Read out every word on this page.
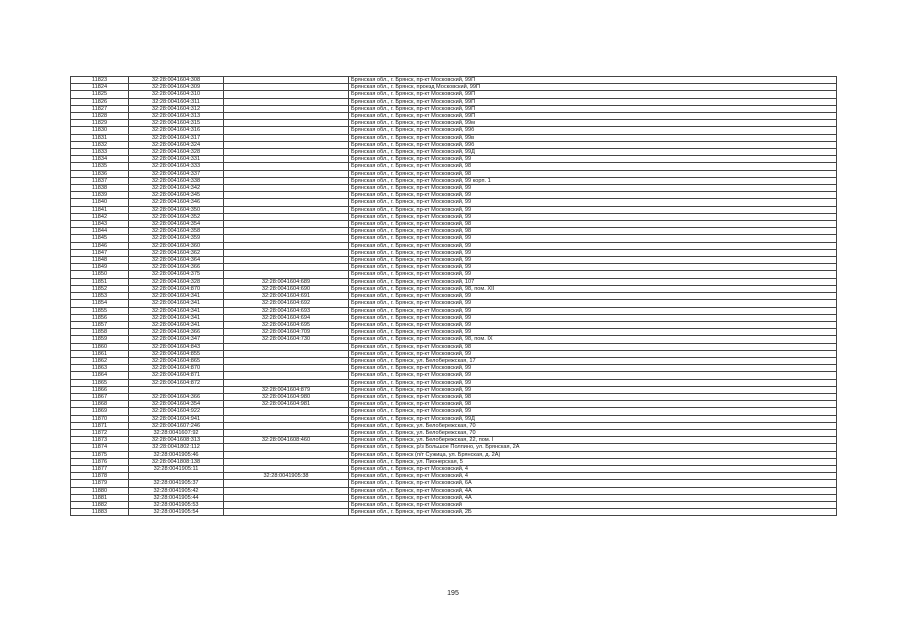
11823	32:28:0041604:308		Брянская обл., г. Брянск, пр-кт Московский, 99П
11824	32:28:0041604:309		Брянская обл., г. Брянск, проезд Московский, 99П
11825	32:28:0041604:310		Брянская обл., г. Брянск, пр-кт Московский, 99П
11826	32:28:0041604:311		Брянская обл., г. Брянск, пр-кт Московский, 99П
11827	32:28:0041604:312		Брянская обл., г. Брянск, пр-кт Московский, 99П
11828	32:28:0041604:313		Брянская обл., г. Брянск, пр-кт Московский, 99П
11829	32:28:0041604:315		Брянская обл., г. Брянск, пр-кт Московский, 99м
11830	32:28:0041604:316		Брянская обл., г. Брянск, пр-кт Московский, 99б
11831	32:28:0041604:317		Брянская обл., г. Брянск, пр-кт Московский, 99в
11832	32:28:0041604:324		Брянская обл., г. Брянск, пр-кт Московский, 99б
11833	32:28:0041604:328		Брянская обл., г. Брянск, пр-кт Московский, 99Д
11834	32:28:0041604:331		Брянская обл., г. Брянск, пр-кт Московский, 99
11835	32:28:0041604:333		Брянская обл., г. Брянск, пр-кт Московский, 98
11836	32:28:0041604:337		Брянская обл., г. Брянск, пр-кт Московский, 98
11837	32:28:0041604:338		Брянская обл., г. Брянск, пр-кт Московский, 99 корп. 1
11838	32:28:0041604:342		Брянская обл., г. Брянск, пр-кт Московский, 99
11839	32:28:0041604:345		Брянская обл., г. Брянск, пр-кт Московский, 99
11840	32:28:0041604:346		Брянская обл., г. Брянск, пр-кт Московский, 99
11841	32:28:0041604:350		Брянская обл., г. Брянск, пр-кт Московский, 99
11842	32:28:0041604:352		Брянская обл., г. Брянск, пр-кт Московский, 99
11843	32:28:0041604:354		Брянская обл., г. Брянск, пр-кт Московский, 98
11844	32:28:0041604:358		Брянская обл., г. Брянск, пр-кт Московский, 98
11845	32:28:0041604:359		Брянская обл., г. Брянск, пр-кт Московский, 99
11846	32:28:0041604:360		Брянская обл., г. Брянск, пр-кт Московский, 99
11847	32:28:0041604:362		Брянская обл., г. Брянск, пр-кт Московский, 99
11848	32:28:0041604:364		Брянская обл., г. Брянск, пр-кт Московский, 99
11849	32:28:0041604:366		Брянская обл., г. Брянск, пр-кт Московский, 99
11850	32:28:0041604:375		Брянская обл., г. Брянск, пр-кт Московский, 99
11851	32:28:0041604:328	32:28:0041604:689	Брянская обл., г. Брянск, пр-кт Московский, 107
11852	32:28:0041604:870	32:28:0041604:690	Брянская обл., г. Брянск, пр-кт Московский, 98, пом. XII
11853	32:28:0041604:341	32:28:0041604:691	Брянская обл., г. Брянск, пр-кт Московский, 99
11854	32:28:0041604:341	32:28:0041604:692	Брянская обл., г. Брянск, пр-кт Московский, 99
11855	32:28:0041604:341	32:28:0041604:693	Брянская обл., г. Брянск, пр-кт Московский, 99
11856	32:28:0041604:341	32:28:0041604:694	Брянская обл., г. Брянск, пр-кт Московский, 99
11857	32:28:0041604:341	32:28:0041604:695	Брянская обл., г. Брянск, пр-кт Московский, 99
11858	32:28:0041604:366	32:28:0041604:709	Брянская обл., г. Брянск, пр-кт Московский, 99
11859	32:28:0041604:347	32:28:0041604:730	Брянская обл., г. Брянск, пр-кт Московский, 98, пом. IX
11860	32:28:0041604:843		Брянская обл., г. Брянск, пр-кт Московский, 98
11861	32:28:0041604:855		Брянская обл., г. Брянск, пр-кт Московский, 99
11862	32:28:0041604:865		Брянская обл., г. Брянск, ул. Белобережская, 17
11863	32:28:0041604:870		Брянская обл., г. Брянск, пр-кт Московский, 99
11864	32:28:0041604:871		Брянская обл., г. Брянск, пр-кт Московский, 99
11865	32:28:0041604:872		Брянская обл., г. Брянск, пр-кт Московский, 99
11866		32:28:0041604:879	Брянская обл., г. Брянск, пр-кт Московский, 99
11867	32:28:0041604:366	32:28:0041604:980	Брянская обл., г. Брянск, пр-кт Московский, 98
11868	32:28:0041604:354	32:28:0041604:981	Брянская обл., г. Брянск, пр-кт Московский, 98
11869	32:28:0041604:922		Брянская обл., г. Брянск, пр-кт Московский, 99
11870	32:28:0041604:941		Брянская обл., г. Брянск, пр-кт Московский, 99Д
11871	32:28:0041607:246		Брянская обл., г. Брянск, ул. Белобережская, 70
11872	32:28:0041607:92		Брянская обл., г. Брянск, ул. Белобережская, 70
11873	32:28:0041608:313	32:28:0041608:460	Брянская обл., г. Брянск, ул. Белобережская, 22, пом. I
11874	32:28:0041802:112		Брянская обл., г. Брянск, р/з Большое Полпино, ул. Брянская, 2А
11875	32:28:0041905:46		Брянская обл., г. Брянск (п/т Сужица, ул. Брянская, д. 2А)
11876	32:28:0041808:138		Брянская обл., г. Брянск, ул. Пионерская, 5
11877	32:28:0041905:11		Брянская обл., г. Брянск, пр-кт Московский, 4
11878		32:28:0041905:38	Брянская обл., г. Брянск, пр-кт Московский, 4
11879	32:28:0041905:37		Брянская обл., г. Брянск, пр-кт Московский, 6А
11880	32:28:0041905:42		Брянская обл., г. Брянск, пр-кт Московский, 4А
11881	32:28:0041905:44		Брянская обл., г. Брянск, пр-кт Московский, 4А
11882	32:28:0041905:53		Брянская обл., г. Брянск, пр-кт Московский
11883	32:28:0041905:54		Брянская обл., г. Брянск, пр-кт Московский, 2Б
195
